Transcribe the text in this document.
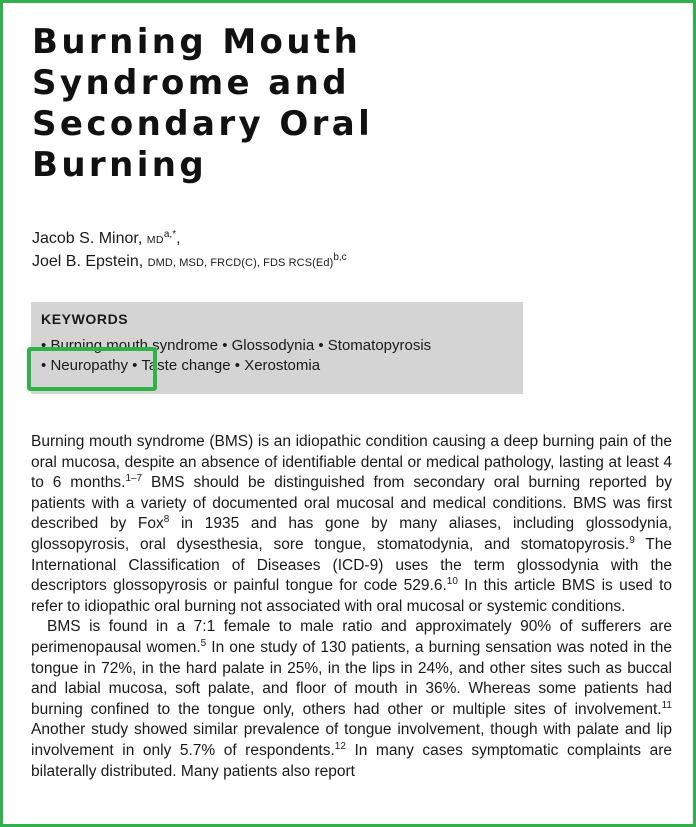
Burning Mouth
Syndrome and
Secondary Oral
Burning
Jacob S. Minor, $MD^{a,*}$,
Joel B. Epstein, DMD, MSD, FRCD(C), FDS $RCS(Ed)^{b,c}$
KEYWORDS
• Burning mouth syndrome • Glossodynia • Stomatopyrosis
• Neuropathy • Taste change • Xerostomia

Burning mouth syndrome (BMS) is an idiopathic condition causing a deep burning pain of the oral mucosa, despite an absence of identifiable dental or medical pathology, lasting at least 4 to 6 months.$^{1-7}$ BMS should be distinguished from secondary oral burning reported by patients with a variety of documented oral mucosal and medical conditions. BMS was first described by Fox$^8$ in 1935 and has gone by many aliases, including glossodynia, glossopyrosis, oral dysesthesia, sore tongue, stomatodynia, and stomatopyrosis.$^9$ The International Classification of Diseases (ICD-9) uses the term glossodynia with the descriptors glossopyrosis or painful tongue for code 529.6.10 In this article BMS is used to refer to idiopathic oral burning not associated with oral mucosal or systemic conditions.

BMS is found in a 7:1 female to male ratio and approximately 90% of sufferers are perimenopausal women.$^5$ In one study of 130 patients, a burning sensation was noted in the tongue in 72%, in the hard palate in 25%, in the lips in 24%, and other sites such as buccal and labial mucosa, soft palate, and floor of mouth in 36%. Whereas some patients had burning confined to the tongue only, others had other or multiple sites of involvement.$^{11}$ Another study showed similar prevalence of tongue involvement, though with palate and lip involvement in only 5.7% of respondents.$^{12}$ In many cases symptomatic complaints are bilaterally distributed. Many patients also report
